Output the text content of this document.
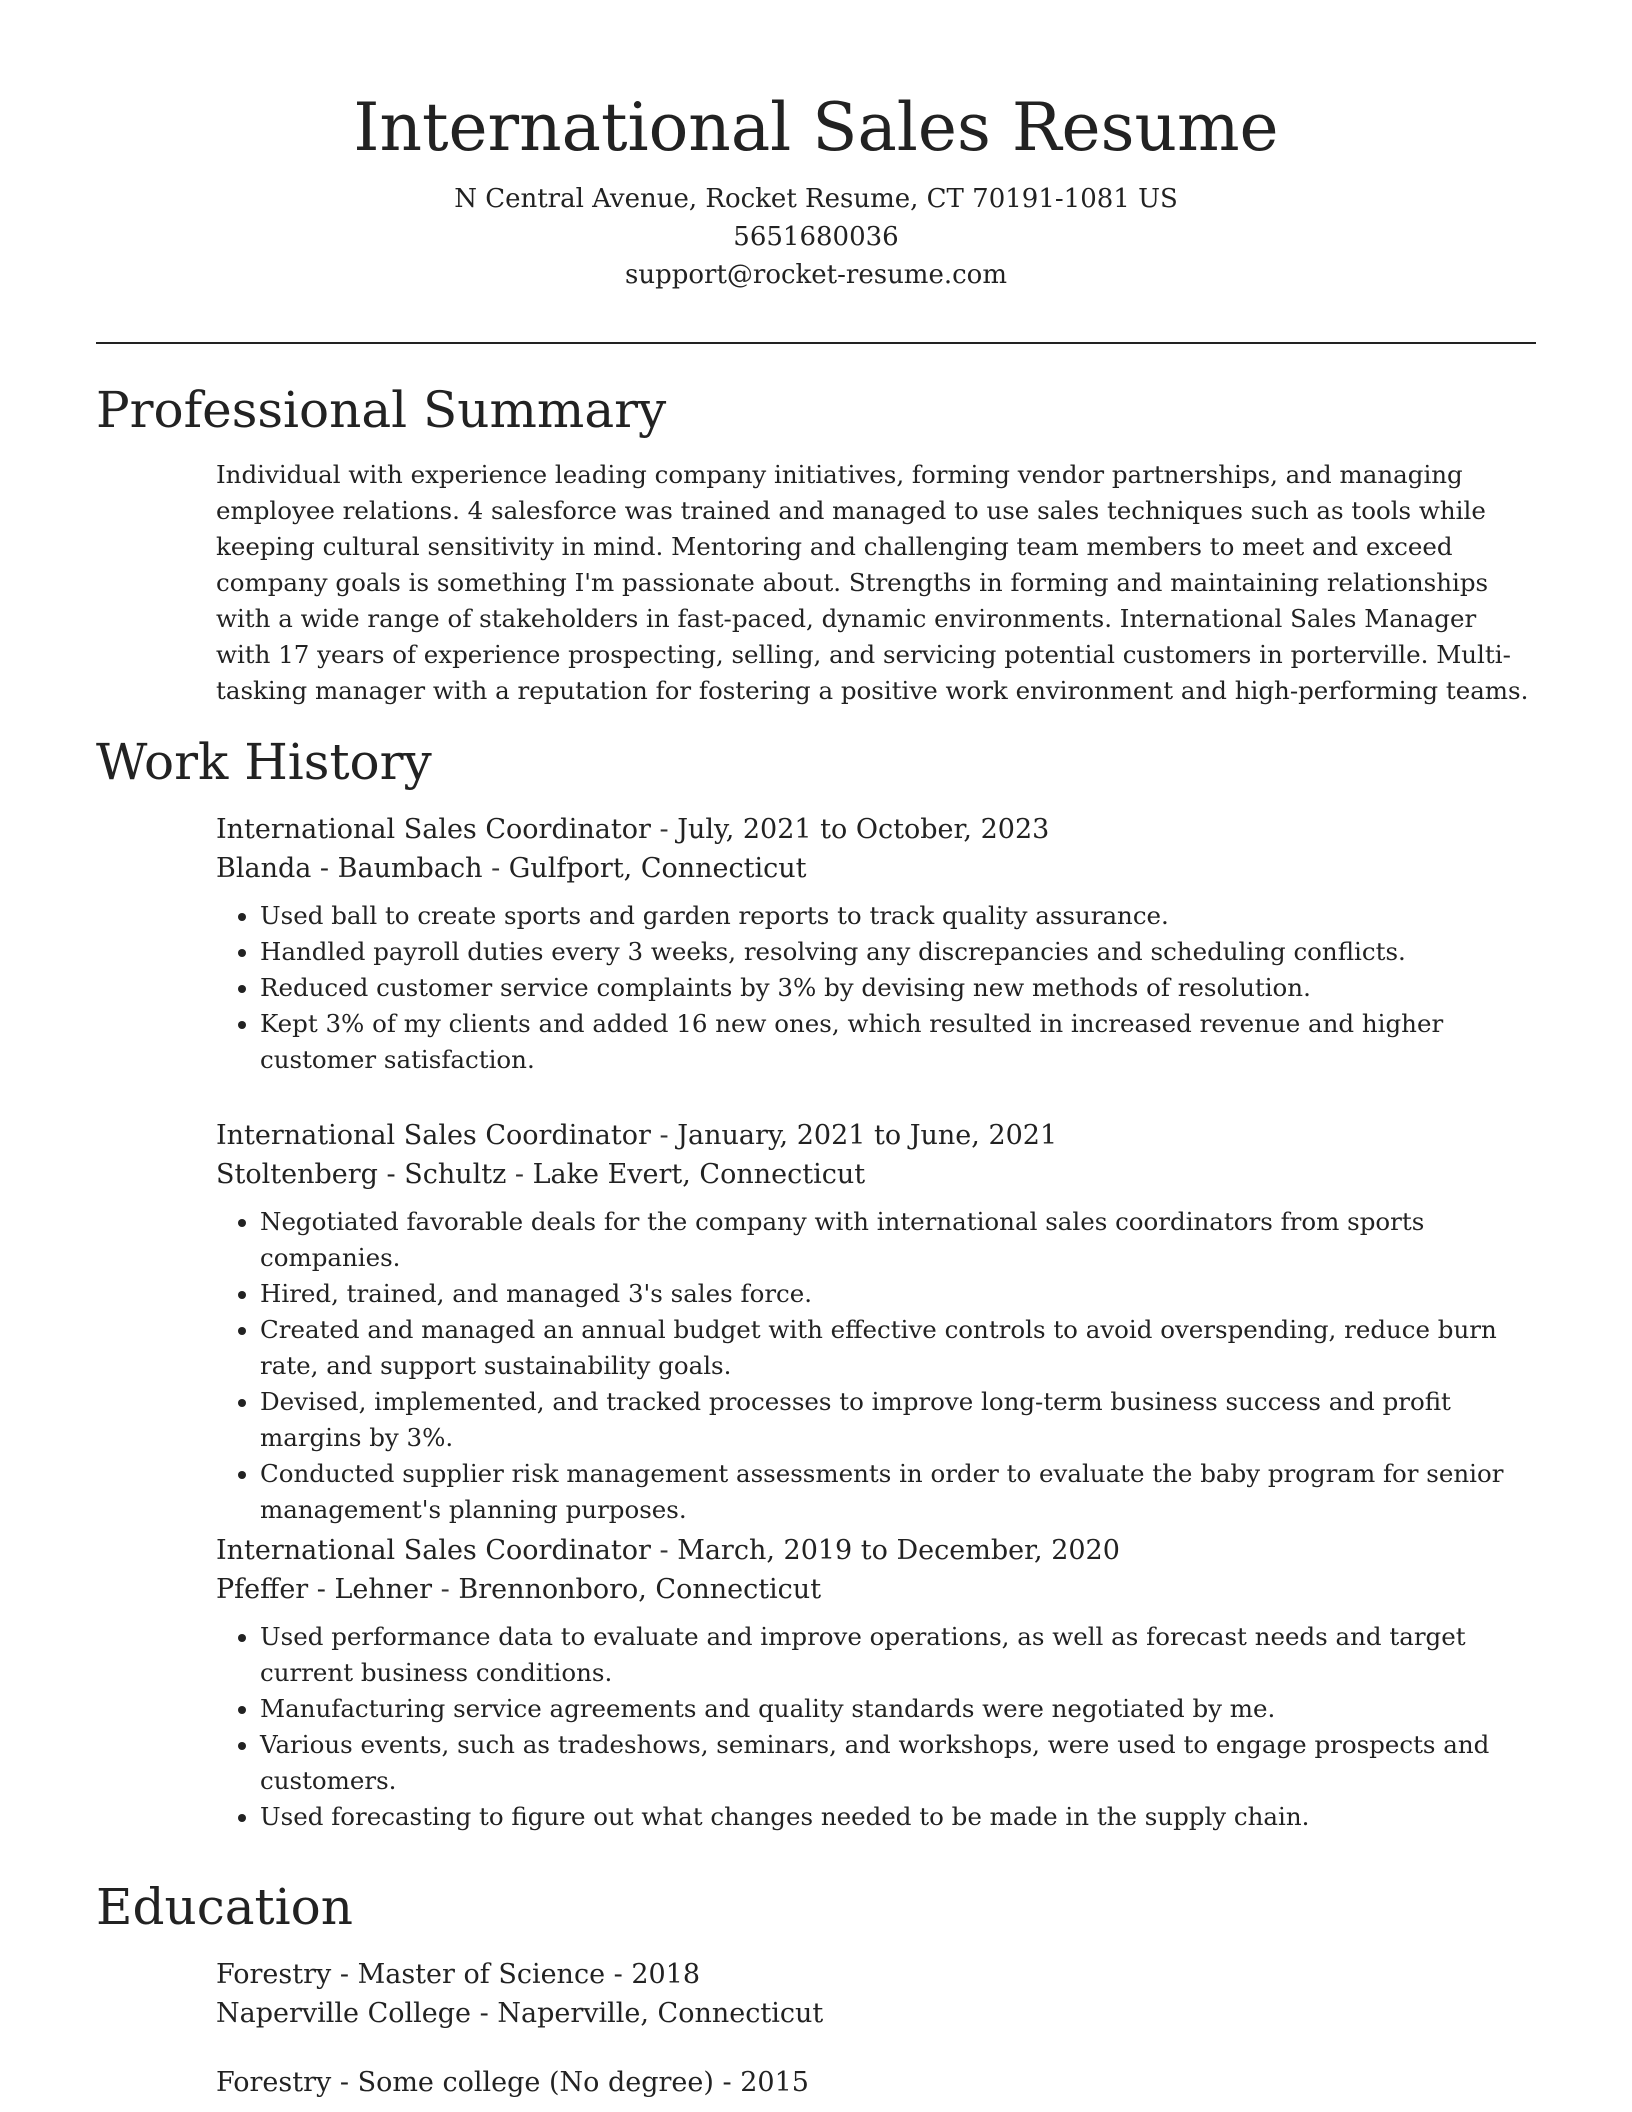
International Sales Resume

N Central Avenue, Rocket Resume, CT 70191-1081 US

5651680036

support@rocket-resume.com

Professional Summary

Individual with experience leading company initiatives, forming vendor partnerships, and managing employee relations. 4 salesforce was trained and managed to use sales techniques such as tools while keeping cultural sensitivity in mind. Mentoring and challenging team members to meet and exceed company goals is something I'm passionate about. Strengths in forming and maintaining relationships with a wide range of stakeholders in fast-paced, dynamic environments. International Sales Manager with 17 years of experience prospecting, selling, and servicing potential customers in porterville. Multi-tasking manager with a reputation for fostering a positive work environment and high-performing teams.

Work History

International Sales Coordinator - July, 2021 to October, 2023

Blanda - Baumbach - Gulfport, Connecticut

• Used ball to create sports and garden reports to track quality assurance.
• Handled payroll duties every 3 weeks, resolving any discrepancies and scheduling conflicts.
• Reduced customer service complaints by 3% by devising new methods of resolution.
• Kept 3% of my clients and added 16 new ones, which resulted in increased revenue and higher customer satisfaction.

International Sales Coordinator - January, 2021 to June, 2021

Stoltenberg - Schultz - Lake Evert, Connecticut

• Negotiated favorable deals for the company with international sales coordinators from sports companies.
• Hired, trained, and managed 3's sales force.
• Created and managed an annual budget with effective controls to avoid overspending, reduce burn rate, and support sustainability goals.
• Devised, implemented, and tracked processes to improve long-term business success and profit margins by 3%.
• Conducted supplier risk management assessments in order to evaluate the baby program for senior management's planning purposes.

International Sales Coordinator - March, 2019 to December, 2020

Pfeffer - Lehner - Brennonboro, Connecticut

• Used performance data to evaluate and improve operations, as well as forecast needs and target current business conditions.
• Manufacturing service agreements and quality standards were negotiated by me.
• Various events, such as tradeshows, seminars, and workshops, were used to engage prospects and customers.
• Used forecasting to figure out what changes needed to be made in the supply chain.
Education

Forestry - Master of Science - 2018

Naperville College - Naperville, Connecticut

Forestry - Some college (No degree) - 2015
